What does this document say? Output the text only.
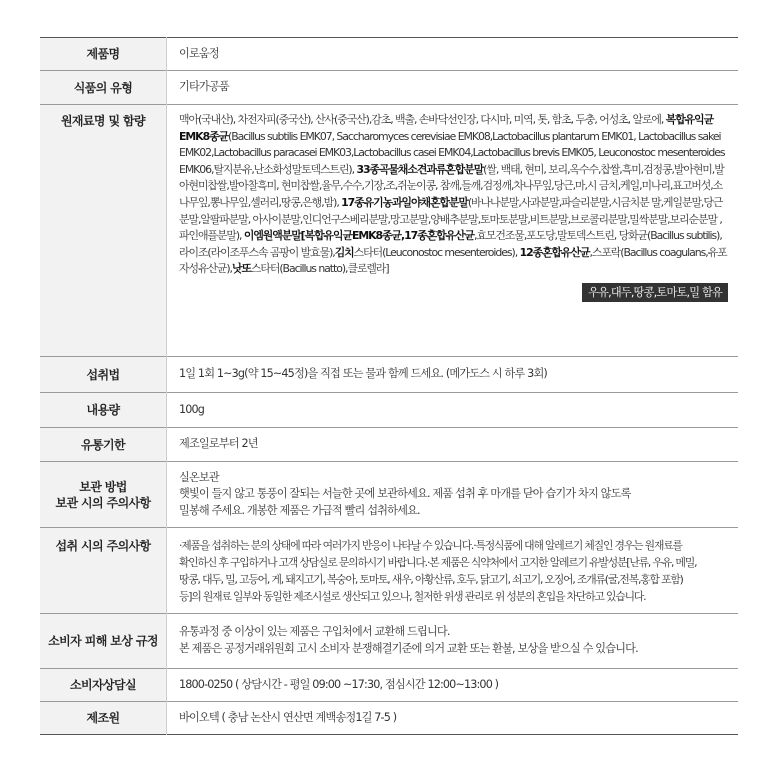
제품명	이로움정
식품의 유형	기타가공품
원재료명 및 함량	맥아(국내산), 차전자피(중국산), 산사(중국산),감초, 백출, 손바닥선인장, 다시마, 미역, 톳, 함초, 두충, 어성초, 알로에, 복합유익균EMK8종균(Bacillus subtilis EMK07, Saccharomyces cerevisiae EMK08,Lactobacillus plantarum EMK01, Lactobacillus sakei EMK02,Lactobacillus paracasei EMK03,Lactobacillus casei EMK04,Lactobacillus brevis EMK05, Leuconostoc mesenteroides EMK06,탈지분유,난소화성말토덱스트린), 33종곡물채소견과류혼합분말(쌀, 백태, 현미, 보리,옥수수,찹쌀,흑미,검정콩,발아현미,발아현미찹쌀,발아찰흑미, 현미찹쌀,율무,수수,기장,조,쥐눈이콩, 참깨,들깨,검정깨,차나무잎,당근,마,시 금치,케일,미나리,표고버섯,소나무잎,뽕나무잎,셀러리,땅콩,은행,밤), 17종유기농과일야채혼합분말(바나나분말,사과분말,파슬리분말,시금치분 말,케일분말,당근분말,알팔파분말, 아사이분말,인디언구스베리분말,망고분말,양배추분말,토마토분말,비트분말,브로콜리분말,밀싹분말,보리순분말 ,파인애플분말), 이엠원액분말[복합유익균EMK8종균,17종혼합유산균,효모건조물,포도당,말토덱스트린, 당화균(Bacillus subtilis),라이조(라이조푸스속 곰팡이 발효물),김치스타터(Leuconostoc mesenteroides), 12종혼합유산균,스포락(Bacillus coagulans,유포 자성유산균),낫또스타터(Bacillus natto),클로렐라]
우유,대두,땅콩,토마토,밀 함유

섭취법	1일 1회 1~3g(약 15~45정)을 직접 또는 물과 함께 드세요. (메가도스 시 하루 3회)
내용량	100g
유통기한	제조일로부터 2년

보관 방법
보관 시의 주의사항	실온보관
햇빛이 들지 않고 통풍이 잘되는 서늘한 곳에 보관하세요. 제품 섭취 후 마개를 닫아 습기가 차지 않도록
밀봉해 주세요. 개봉한 제품은 가급적 빨리 섭취하세요.

섭취 시의 주의사항	·제품을 섭취하는 분의 상태에 따라 여러가지 반응이 나타날 수 있습니다.·특정식품에 대해 알레르기 체질인 경우는 원재료를
확인하신 후 구입하거나 고객 상담실로 문의하시기 바랍니다.·본 제품은 식약처에서 고지한 알레르기 유발성분[난류, 우유, 메밀,
땅콩, 대두, 밀, 고등어, 게, 돼지고기, 복숭아, 토마토, 새우, 아황산류, 호두, 닭고기, 쇠고기, 오징어, 조개류(굴,전복,홍합 포함)
등]의 원재료 일부와 동일한 제조시설로 생산되고 있으나, 철저한 위생 관리로 위 성분의 혼입을 차단하고 있습니다.

소비자 피해 보상 규정	유통과정 중 이상이 있는 제품은 구입처에서 교환해 드립니다.
본 제품은 공정거래위원회 고시 소비자 분쟁해결기준에 의거 교환 또는 환불, 보상을 받으실 수 있습니다.

소비자상담실	1800-0250 ( 상담시간 - 평일 09:00 ~17:30, 점심시간 12:00~13:00 )
제조원	바이오텍 ( 충남 논산시 연산면 계백송정1길 7-5 )
